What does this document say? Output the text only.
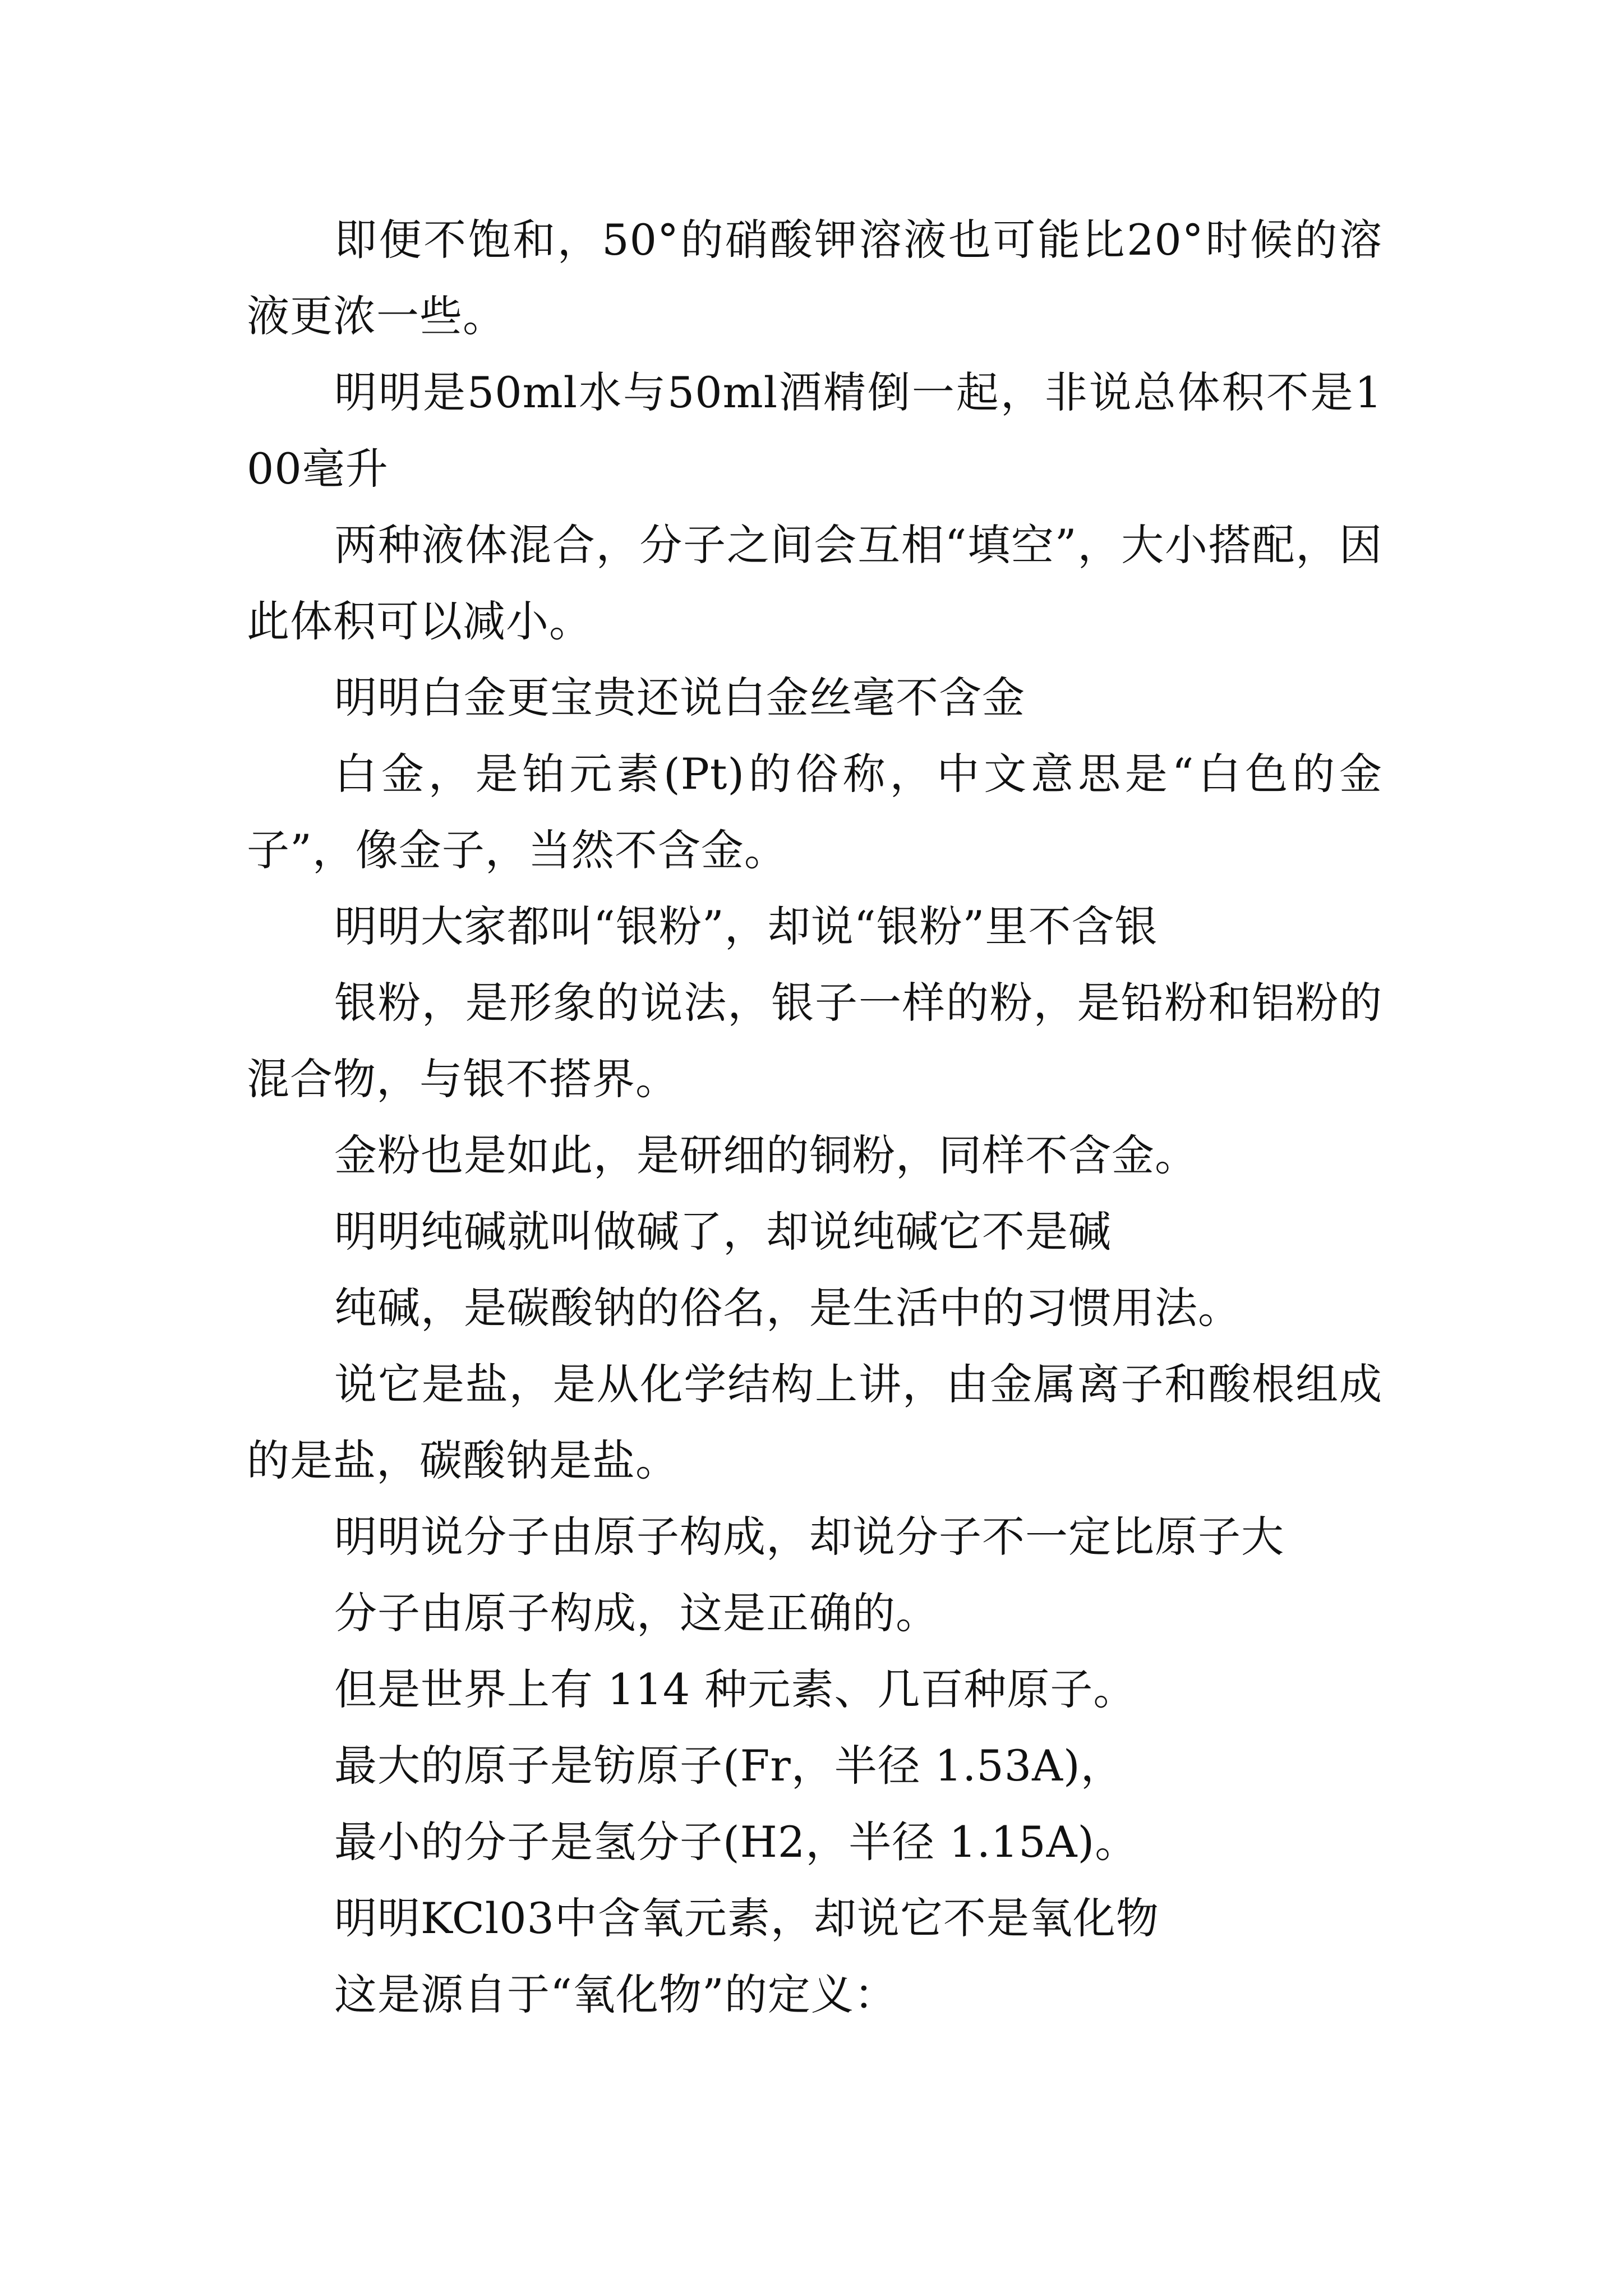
即便不饱和，50°的硝酸钾溶液也可能比20°时候的溶液更浓一些。

明明是50ml水与50ml酒精倒一起，非说总体积不是100毫升

两种液体混合，分子之间会互相“填空”，大小搭配，因此体积可以减小。

明明白金更宝贵还说白金丝毫不含金

白金，是铂元素(Pt)的俗称，中文意思是“白色的金子”，像金子，当然不含金。

明明大家都叫“银粉”，却说“银粉”里不含银

银粉，是形象的说法，银子一样的粉，是铅粉和铝粉的混合物，与银不搭界。

金粉也是如此，是研细的铜粉，同样不含金。

明明纯碱就叫做碱了，却说纯碱它不是碱

纯碱，是碳酸钠的俗名，是生活中的习惯用法。

说它是盐，是从化学结构上讲，由金属离子和酸根组成的是盐，碳酸钠是盐。

明明说分子由原子构成，却说分子不一定比原子大

分子由原子构成，这是正确的。

但是世界上有 114 种元素、几百种原子。

最大的原子是钫原子(Fr，半径 1.53A)，

最小的分子是氢分子(H2，半径 1.15A)。

明明KCl03中含氧元素，却说它不是氧化物

这是源自于“氧化物”的定义：
